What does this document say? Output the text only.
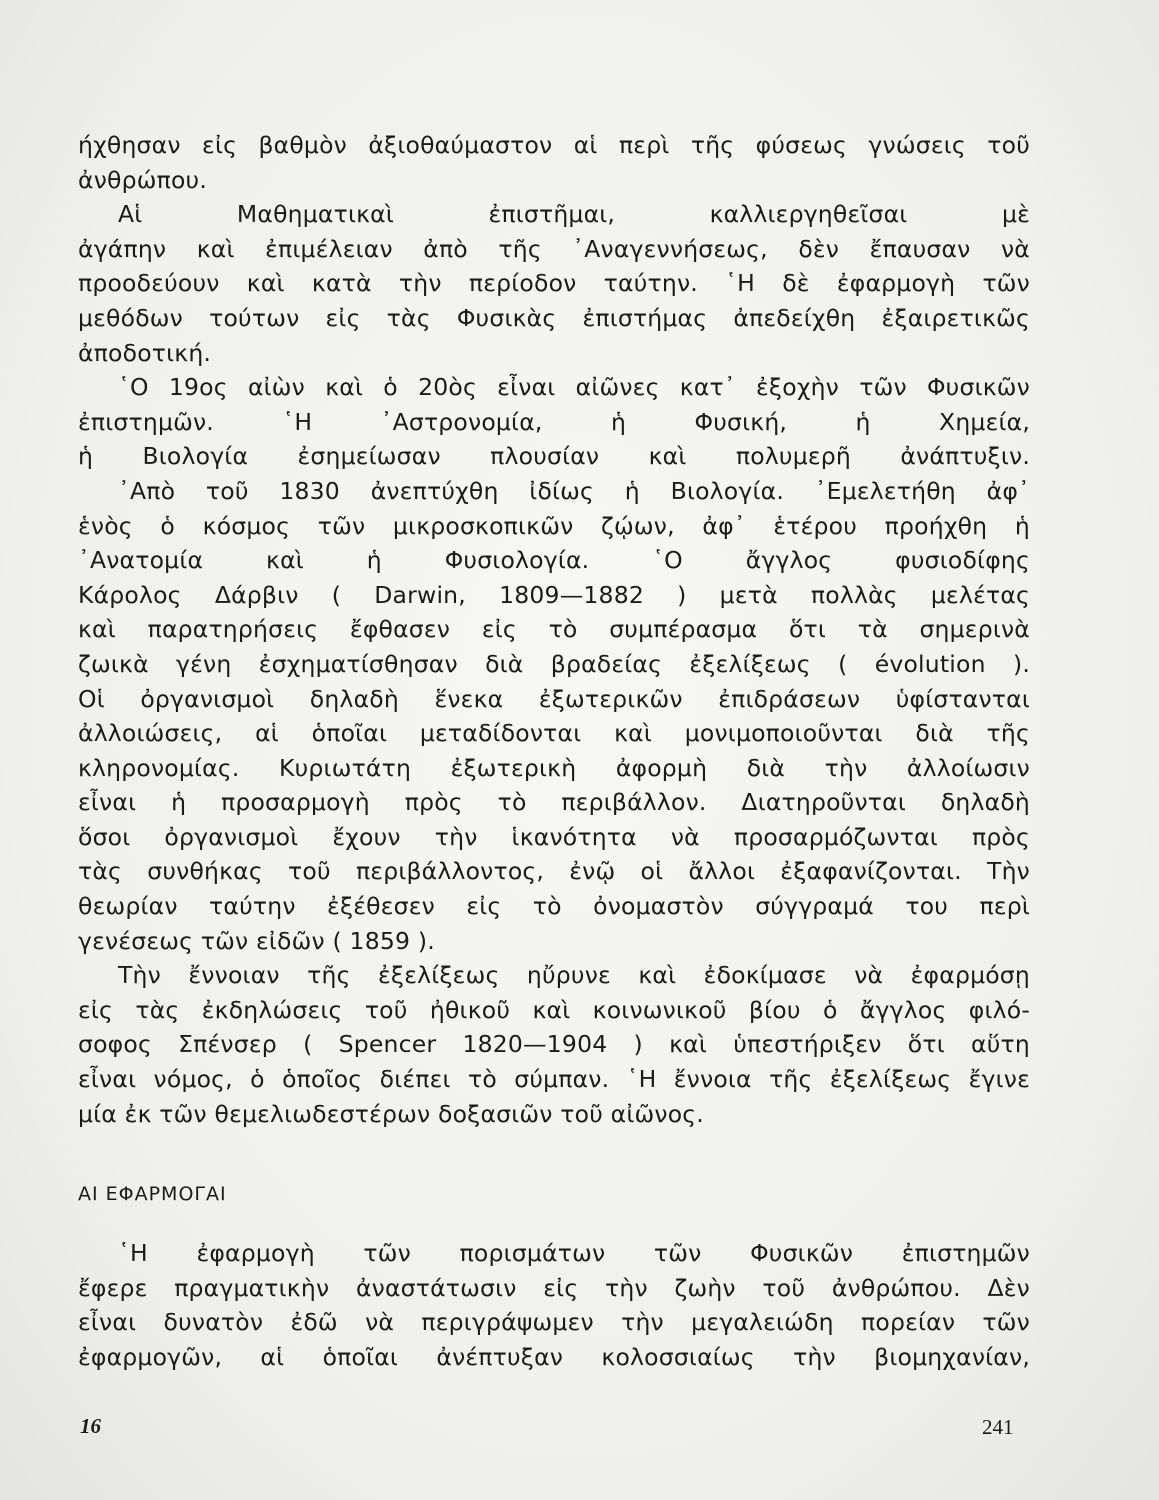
ήχθησαν εἰς βαθμὸν ἀξιοθαύμαστον αἱ περὶ τῆς φύσεως γνώσεις τοῦ
ἀνθρώπου.
Αἱ Μαθηματικαὶ ἐπιστῆμαι, καλλιεργηθεῖσαι μὲ
ἀγάπην καὶ ἐπιμέλειαν ἀπὸ τῆς ᾿Αναγεννήσεως, δὲν ἔπαυσαν νὰ
προοδεύουν καὶ κατὰ τὴν περίοδον ταύτην. ῾Η δὲ ἐφαρμογὴ τῶν
μεθόδων τούτων εἰς τὰς Φυσικὰς ἐπιστήμας ἀπεδείχθη ἐξαιρετικῶς
ἀποδοτική.
῾Ο 19ος αἰὼν καὶ ὁ 20ὸς εἶναι αἰῶνες κατ᾿ ἐξοχὴν τῶν Φυσικῶν
ἐπιστημῶν. ῾Η ᾿Αστρονομία, ἡ Φυσική, ἡ Χημεία,
ἡ Βιολογία ἐσημείωσαν πλουσίαν καὶ πολυμερῆ ἀνάπτυξιν.
᾿Απὸ τοῦ 1830 ἀνεπτύχθη ἰδίως ἡ Βιολογία. ᾿Εμελετήθη ἀφ᾿
ἑνὸς ὁ κόσμος τῶν μικροσκοπικῶν ζῴων, ἀφ᾿ ἑτέρου προήχθη ἡ
᾿Ανατομία καὶ ἡ Φυσιολογία. ῾Ο ἄγγλος φυσιοδίφης
Κάρολος Δάρβιν ( Darwin, 1809—1882 ) μετὰ πολλὰς μελέτας
καὶ παρατηρήσεις ἔφθασεν εἰς τὸ συμπέρασμα ὅτι τὰ σημερινὰ
ζωικὰ γένη ἐσχηματίσθησαν διὰ βραδείας ἐξελίξεως ( évolution ).
Οἱ ὀργανισμοὶ δηλαδὴ ἕνεκα ἐξωτερικῶν ἐπιδράσεων ὑφίστανται
ἀλλοιώσεις, αἱ ὁποῖαι μεταδίδονται καὶ μονιμοποιοῦνται διὰ τῆς
κληρονομίας. Κυριωτάτη ἐξωτερικὴ ἀφορμὴ διὰ τὴν ἀλλοίωσιν
εἶναι ἡ προσαρμογὴ πρὸς τὸ περιβάλλον. Διατηροῦνται δηλαδὴ
ὅσοι ὀργανισμοὶ ἔχουν τὴν ἱκανότητα νὰ προσαρμόζωνται πρὸς
τὰς συνθήκας τοῦ περιβάλλοντος, ἐνῷ οἱ ἄλλοι ἐξαφανίζονται. Τὴν
θεωρίαν ταύτην ἐξέθεσεν εἰς τὸ ὀνομαστὸν σύγγραμά του περὶ
γενέσεως τῶν εἰδῶν ( 1859 ).
Τὴν ἔννοιαν τῆς ἐξελίξεως ηὔρυνε καὶ ἐδοκίμασε νὰ ἐφαρμόσῃ
εἰς τὰς ἐκδηλώσεις τοῦ ἠθικοῦ καὶ κοινωνικοῦ βίου ὁ ἄγγλος φιλό-
σοφος Σπένσερ ( Spencer 1820—1904 ) καὶ ὑπεστήριξεν ὅτι αὕτη
εἶναι νόμος, ὁ ὁποῖος διέπει τὸ σύμπαν. ῾Η ἔννοια τῆς ἐξελίξεως ἔγινε
μία ἐκ τῶν θεμελιωδεστέρων δοξασιῶν τοῦ αἰῶνος.
ΑΙ ΕΦΑΡΜΟΓΑΙ
῾Η ἐφαρμογὴ τῶν πορισμάτων τῶν Φυσικῶν ἐπιστημῶν
ἔφερε πραγματικὴν ἀναστάτωσιν εἰς τὴν ζωὴν τοῦ ἀνθρώπου. Δὲν
εἶναι δυνατὸν ἐδῶ νὰ περιγράψωμεν τὴν μεγαλειώδη πορείαν τῶν
ἐφαρμογῶν, αἱ ὁποῖαι ἀνέπτυξαν κολοσσιαίως τὴν βιομηχανίαν,
16	241
